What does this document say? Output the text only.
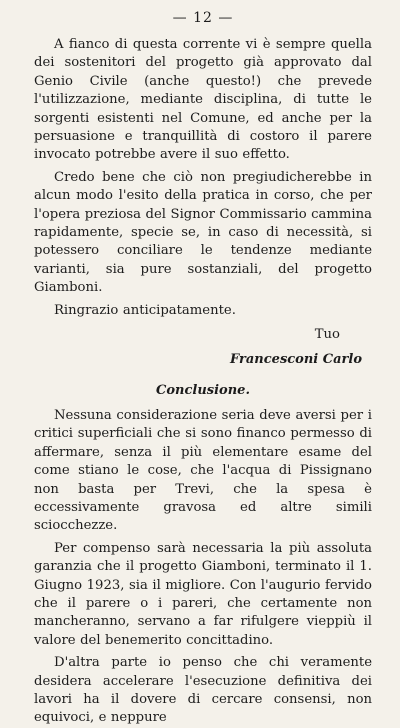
— 12 —

A fianco di questa corrente vi è sempre quella dei sostenitori del progetto già approvato dal Genio Civile (anche questo!) che prevede l'utilizzazione, mediante disciplina, di tutte le sorgenti esistenti nel Comune, ed anche per la persuasione e tranquillità di costoro il parere invocato potrebbe avere il suo effetto.

Credo bene che ciò non pregiudicherebbe in alcun modo l'esito della pratica in corso, che per l'opera preziosa del Signor Commissario cammina rapidamente, specie se, in caso di necessità, si potessero conciliare le tendenze mediante varianti, sia pure sostanziali, del progetto Giamboni.

Ringrazio anticipatamente.

Tuo
Francesconi Carlo
Conclusione.

Nessuna considerazione seria deve aversi per i critici superficiali che si sono financo permesso di affermare, senza il più elementare esame del come stiano le cose, che l'acqua di Pissignano non basta per Trevi, che la spesa è eccessivamente gravosa ed altre simili sciocchezze.

Per compenso sarà necessaria la più assoluta garanzia che il progetto Giamboni, terminato il 1. Giugno 1923, sia il migliore. Con l'augurio fervido che il parere o i pareri, che certamente non mancheranno, servano a far rifulgere vieppiù il valore del benemerito concittadino.

D'altra parte io penso che chi veramente desidera accelerare l'esecuzione definitiva dei lavori ha il dovere di cercare consensi, non equivoci, e neppure
